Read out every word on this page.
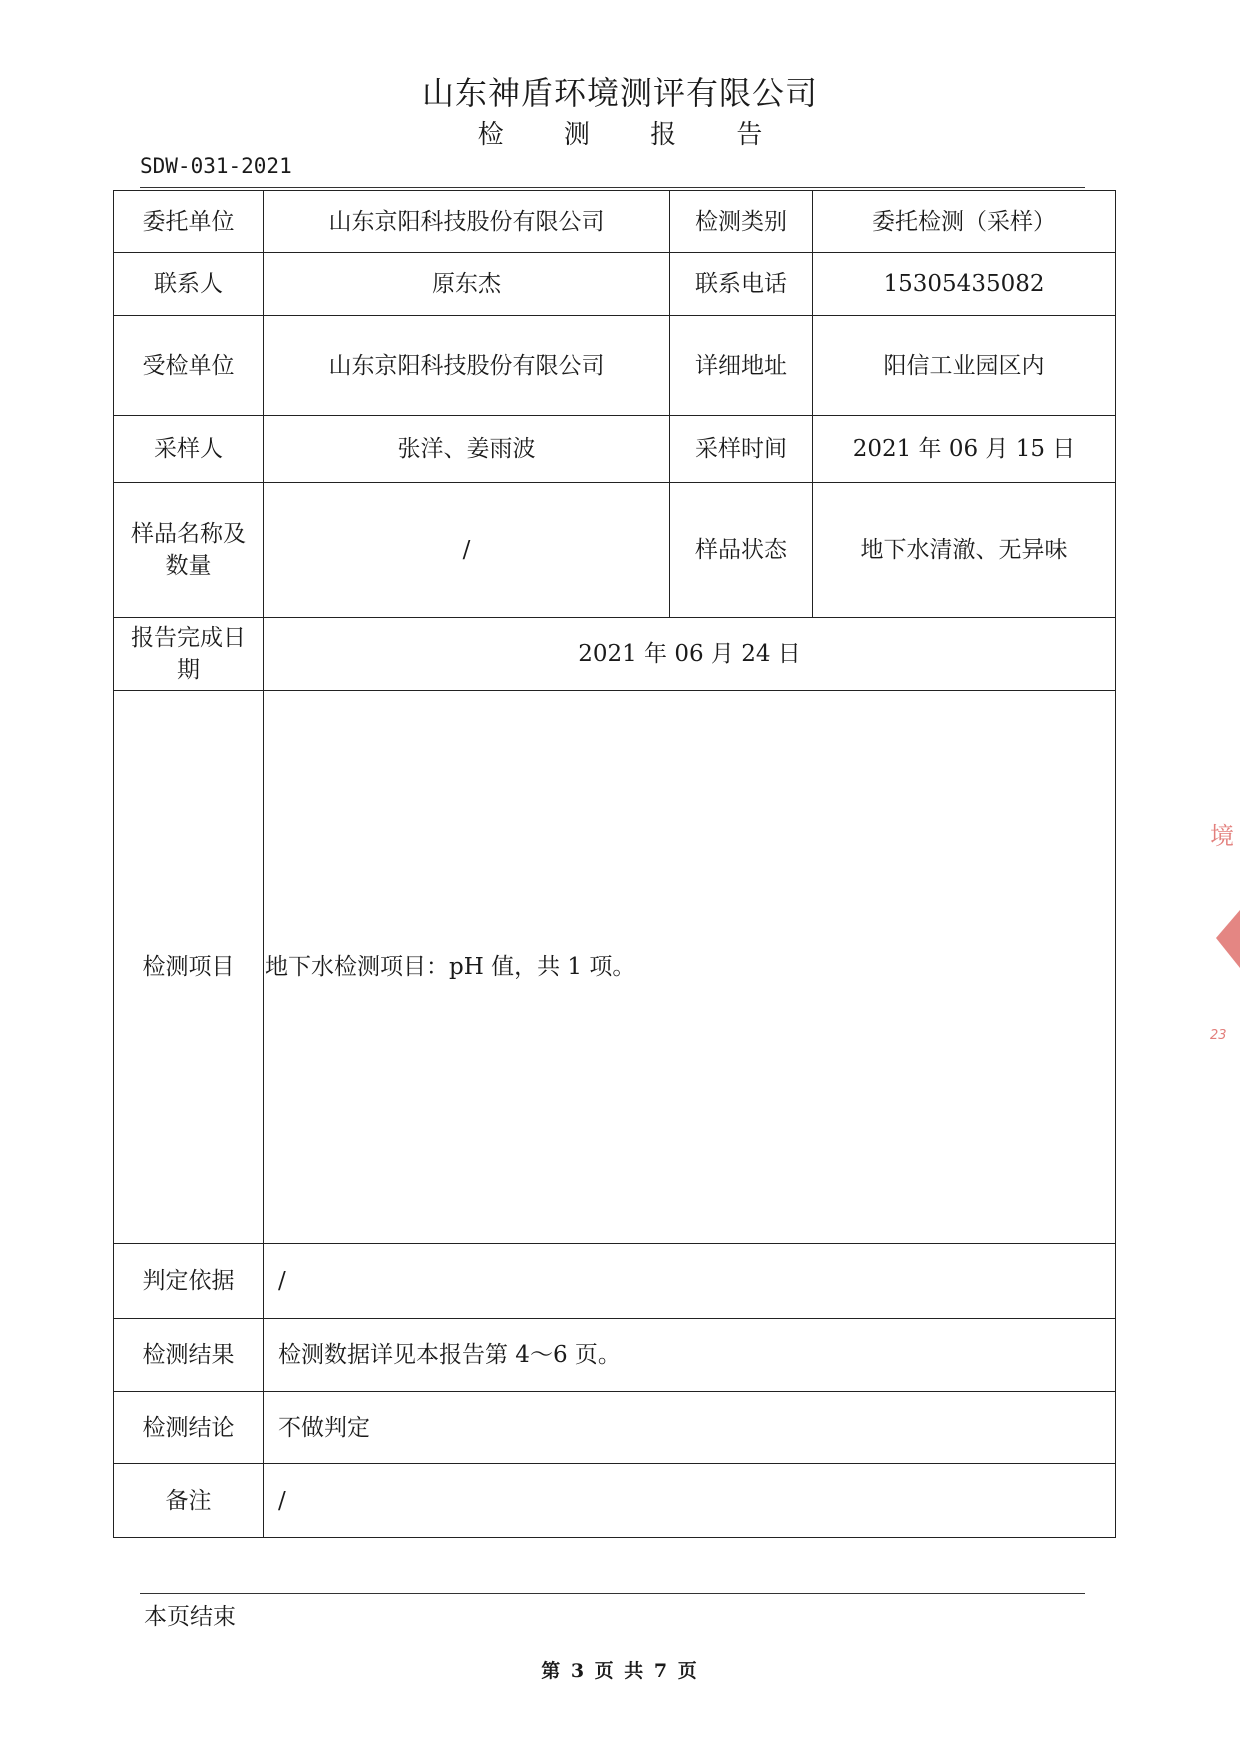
山东神盾环境测评有限公司
检 测 报 告
SDW-031-2021
委托单位	山东京阳科技股份有限公司	检测类别	委托检测（采样）
联系人	原东杰	联系电话	15305435082
受检单位	山东京阳科技股份有限公司	详细地址	阳信工业园区内
采样人	张洋、姜雨波	采样时间	2021 年 06 月 15 日
样品名称及数量	/	样品状态	地下水清澈、无异味
报告完成日期	2021 年 06 月 24 日		
检测项目	地下水检测项目：pH 值，共 1 项。		
判定依据	/		
检测结果	检测数据详见本报告第 4～6 页。		
检测结论	不做判定		
备注	/		
本页结束
第 3 页 共 7 页
境
23
